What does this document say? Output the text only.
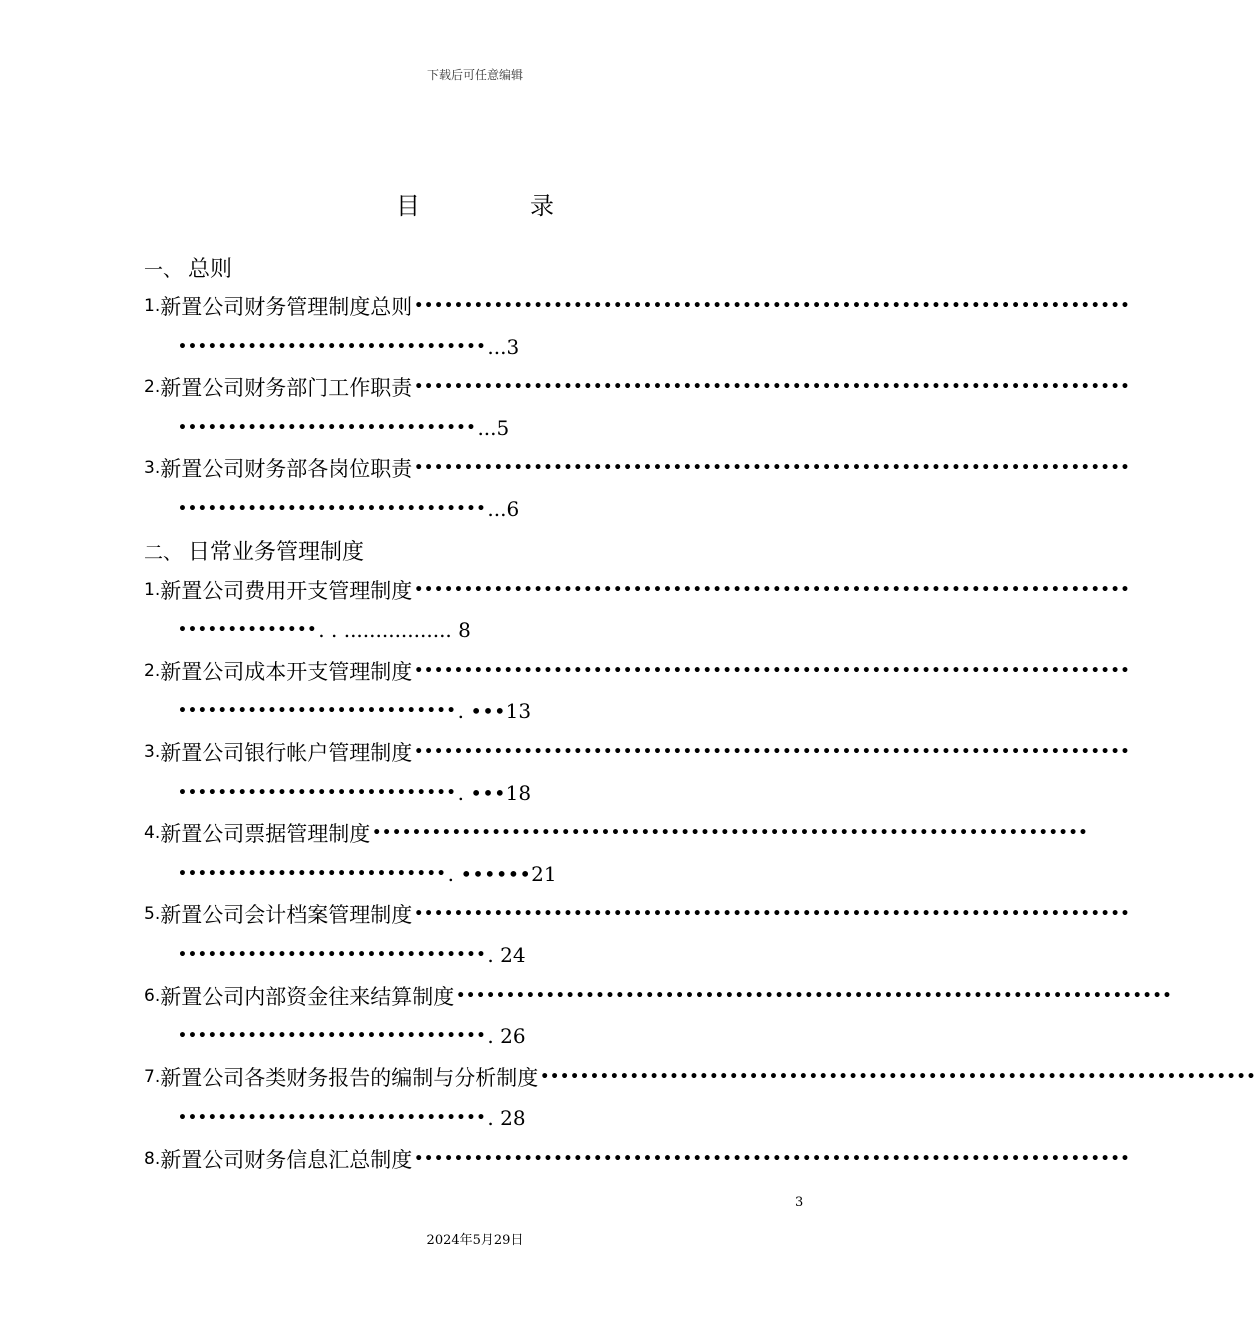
下载后可任意编辑
目录
一、 总则
1. 新置公司财务管理制度总则 ••••••••••••••••••••••••••••••••••••••••••••••••••••••••••••••••••••••••
••••••••••••••••••••••••••••••• ...3
2. 新置公司财务部门工作职责 ••••••••••••••••••••••••••••••••••••••••••••••••••••••••••••••••••••••••
•••••••••••••••••••••••••••••• ...5
3. 新置公司财务部各岗位职责 ••••••••••••••••••••••••••••••••••••••••••••••••••••••••••••••••••••••••
••••••••••••••••••••••••••••••• ...6
二、 日常业务管理制度
1. 新置公司费用开支管理制度 ••••••••••••••••••••••••••••••••••••••••••••••••••••••••••••••••••••••••
•••••••••••••• . . ................. 8
2. 新置公司成本开支管理制度 ••••••••••••••••••••••••••••••••••••••••••••••••••••••••••••••••••••••••
•••••••••••••••••••••••••••• . •••13
3. 新置公司银行帐户管理制度 ••••••••••••••••••••••••••••••••••••••••••••••••••••••••••••••••••••••••
•••••••••••••••••••••••••••• . •••18
4. 新置公司票据管理制度 ••••••••••••••••••••••••••••••••••••••••••••••••••••••••••••••••••••••••
••••••••••••••••••••••••••• . ••••••21
5. 新置公司会计档案管理制度 ••••••••••••••••••••••••••••••••••••••••••••••••••••••••••••••••••••••••
••••••••••••••••••••••••••••••• . 24
6. 新置公司内部资金往来结算制度 ••••••••••••••••••••••••••••••••••••••••••••••••••••••••••••••••••••••••
••••••••••••••••••••••••••••••• . 26
7. 新置公司各类财务报告的编制与分析制度 ••••••••••••••••••••••••••••••••••••••••••••••••••••••••••••••••••••••••
••••••••••••••••••••••••••••••• . 28
8. 新置公司财务信息汇总制度 ••••••••••••••••••••••••••••••••••••••••••••••••••••••••••••••••••••••••
3
2024年5月29日
